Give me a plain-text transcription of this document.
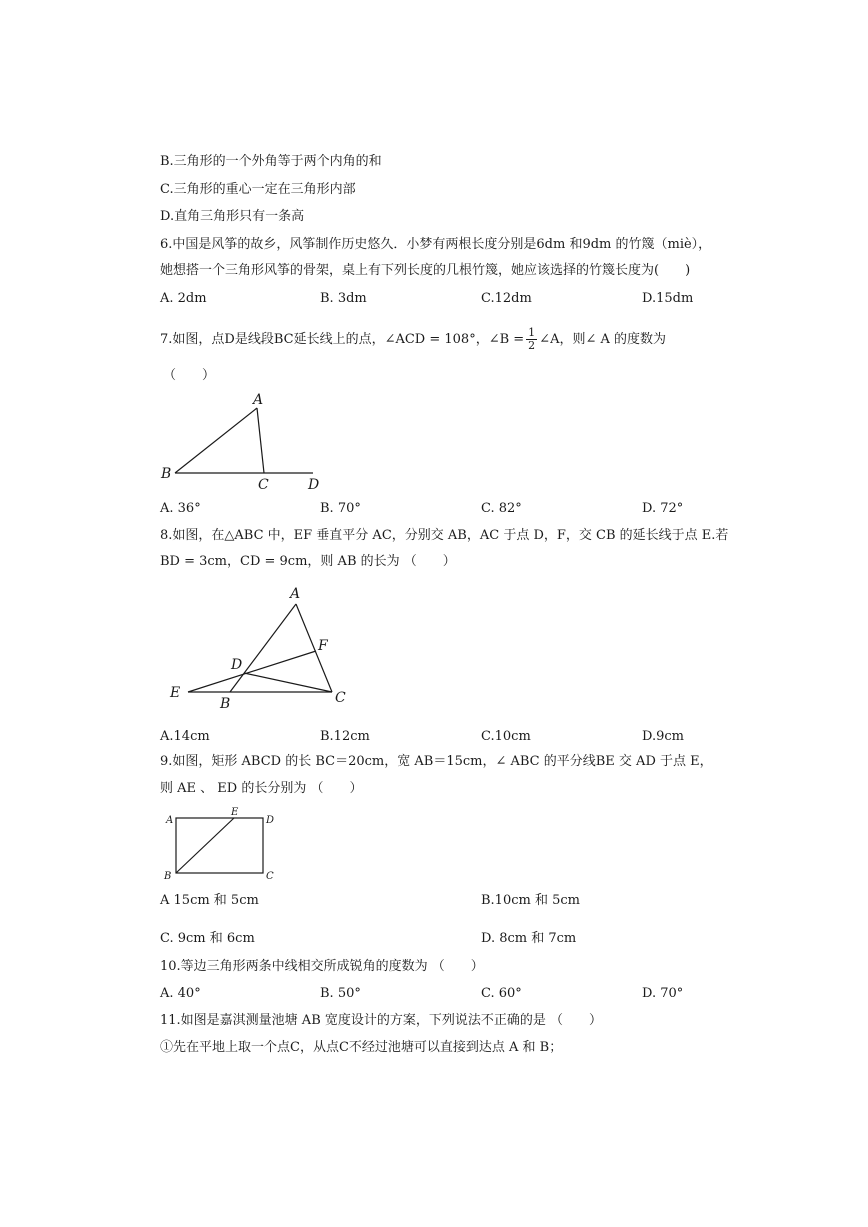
B.三角形的一个外角等于两个内角的和
C.三角形的重心一定在三角形内部
D.直角三角形只有一条高
6.中国是风筝的故乡，风筝制作历史悠久．小梦有两根长度分别是6dm 和9dm 的竹篾（miè），
她想搭一个三角形风筝的骨架，桌上有下列长度的几根竹篾，她应该选择的竹篾长度为(　　)
A. 2dm	B. 3dm	C.12dm	D.15dm
7.如图，点D是线段BC延长线上的点，∠ACD = 108°，∠B = $\frac{1}{2}$ ∠A，则∠ A 的度数为
（　　）
A
B
C	D
A. 36°	B. 70°	C. 82°	D. 72°
8.如图，在△ABC 中，EF 垂直平分 AC，分别交 AB，AC 于点 D，F，交 CB 的延长线于点 E.若
BD = 3cm，CD = 9cm，则 AB 的长为 （　　）
A
B	C
D
E
F
A.14cm	B.12cm	C.10cm	D.9cm
9.如图，矩形 ABCD 的长 BC＝20cm，宽 AB＝15cm，∠ ABC 的平分线BE 交 AD 于点 E，
则 AE 、 ED 的长分别为 （　　）
A
B	C
D
E
A 15cm 和 5cm	B.10cm 和 5cm
C. 9cm 和 6cm	D. 8cm 和 7cm
10.等边三角形两条中线相交所成锐角的度数为 （　　）
A. 40°	B. 50°	C. 60°	D. 70°
11.如图是嘉淇测量池塘 AB 宽度设计的方案，下列说法不正确的是 （　　）
①先在平地上取一个点C，从点C不经过池塘可以直接到达点 A 和 B；
